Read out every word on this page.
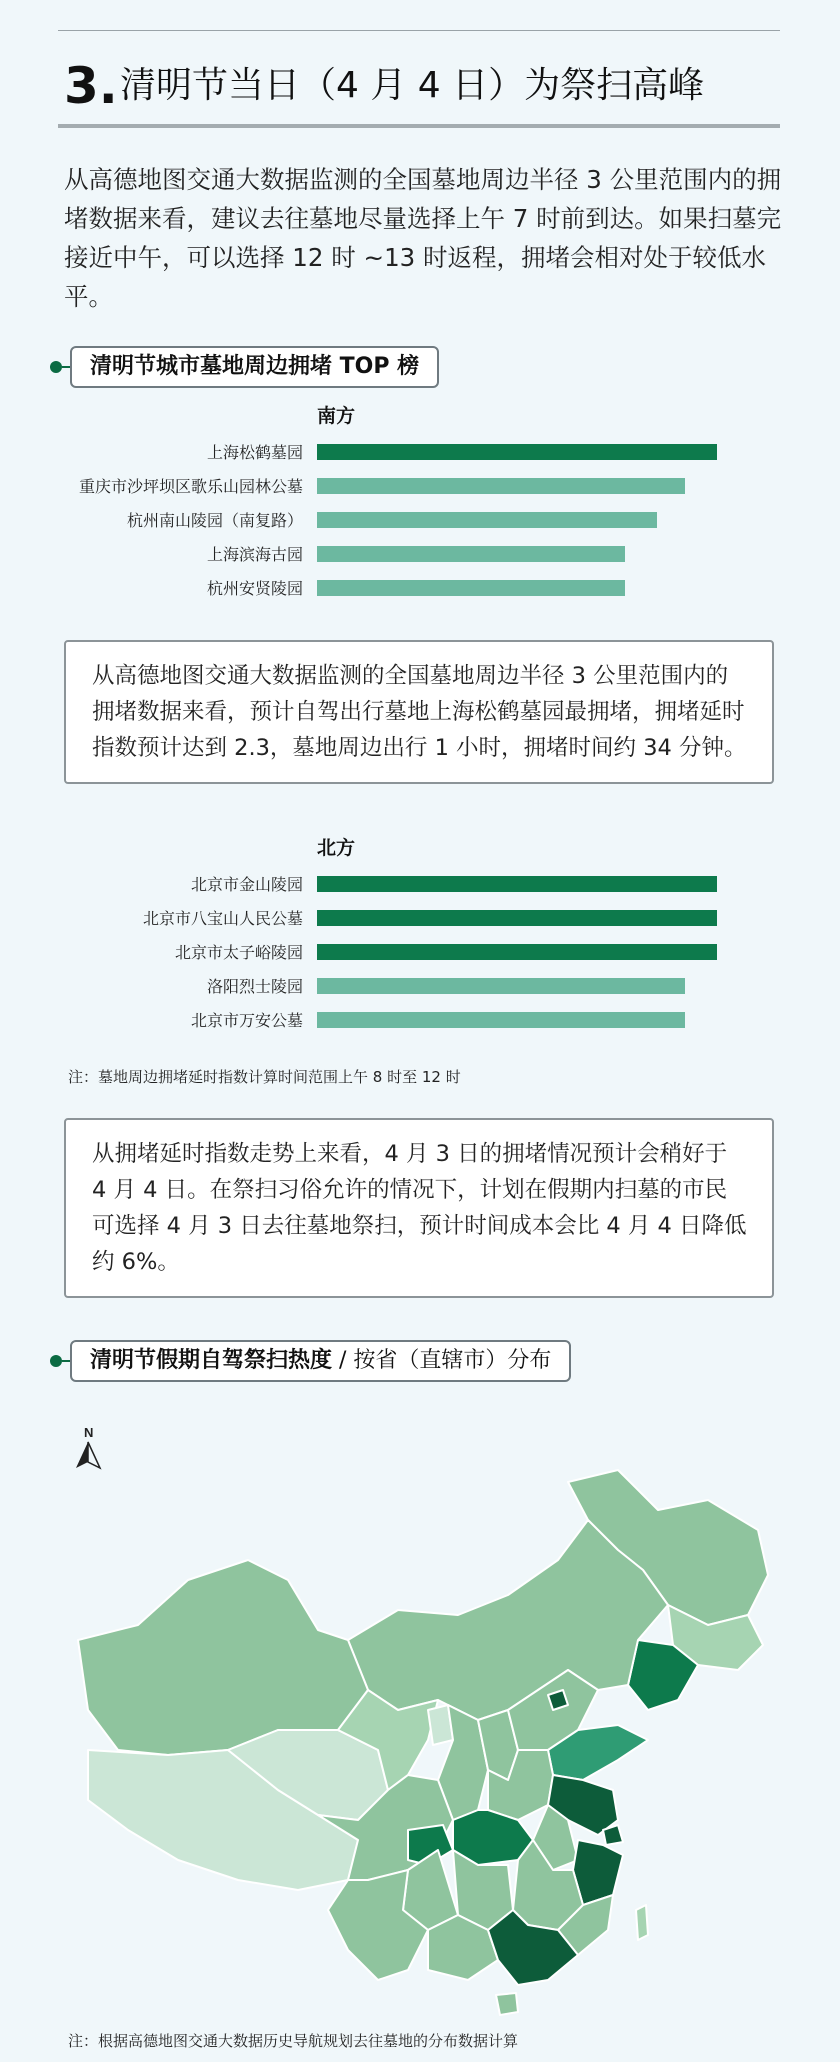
3. 清明节当日（4 月 4 日）为祭扫高峰
从高德地图交通大数据监测的全国墓地周边半径 3 公里范围内的拥堵数据来看，建议去往墓地尽量选择上午 7 时前到达。如果扫墓完接近中午，可以选择 12 时 ~13 时返程，拥堵会相对处于较低水平。
清明节城市墓地周边拥堵 TOP 榜
南方
上海松鹤墓园
重庆市沙坪坝区歌乐山园林公墓
杭州南山陵园（南复路）
上海滨海古园
杭州安贤陵园
从高德地图交通大数据监测的全国墓地周边半径 3 公里范围内的拥堵数据来看，预计自驾出行墓地上海松鹤墓园最拥堵，拥堵延时指数预计达到 2.3，墓地周边出行 1 小时，拥堵时间约 34 分钟。
北方
北京市金山陵园
北京市八宝山人民公墓
北京市太子峪陵园
洛阳烈士陵园
北京市万安公墓
注：墓地周边拥堵延时指数计算时间范围上午 8 时至 12 时
从拥堵延时指数走势上来看，4 月 3 日的拥堵情况预计会稍好于 4 月 4 日。在祭扫习俗允许的情况下，计划在假期内扫墓的市民可选择 4 月 3 日去往墓地祭扫，预计时间成本会比 4 月 4 日降低约 6%。
清明节假期自驾祭扫热度 / 按省（直辖市）分布
N
注：根据高德地图交通大数据历史导航规划去往墓地的分布数据计算
